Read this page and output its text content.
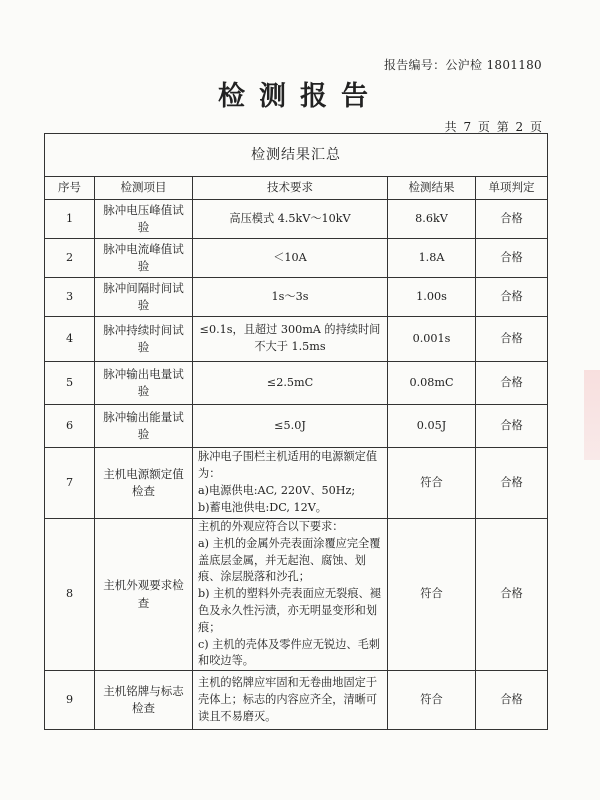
报告编号：公沪检 1801180
检测报告
共 7 页 第 2 页
检测结果汇总				
序号	检测项目	技术要求	检测结果	单项判定
1	脉冲电压峰值试验	高压模式 4.5kV～10kV	8.6kV	合格
2	脉冲电流峰值试验	＜10A	1.8A	合格
3	脉冲间隔时间试验	1s～3s	1.00s	合格
4	脉冲持续时间试验	≤0.1s，且超过 300mA 的持续时间不大于 1.5ms	0.001s	合格
5	脉冲输出电量试验	≤2.5mC	0.08mC	合格
6	脉冲输出能量试验	≤5.0J	0.05J	合格
7	主机电源额定值检查	脉冲电子围栏主机适用的电源额定值为：
a)电源供电:AC, 220V、50Hz;
b)蓄电池供电:DC, 12V。	符合	合格
8	主机外观要求检查	主机的外观应符合以下要求：
a) 主机的金属外壳表面涂覆应完全覆盖底层金属，并无起泡、腐蚀、划痕、涂层脱落和沙孔；
b) 主机的塑料外壳表面应无裂痕、褪色及永久性污渍，亦无明显变形和划痕；
c) 主机的壳体及零件应无锐边、毛刺和咬边等。	符合	合格
9	主机铭牌与标志检查	主机的铭牌应牢固和无卷曲地固定于壳体上；标志的内容应齐全，清晰可读且不易磨灭。	符合	合格
